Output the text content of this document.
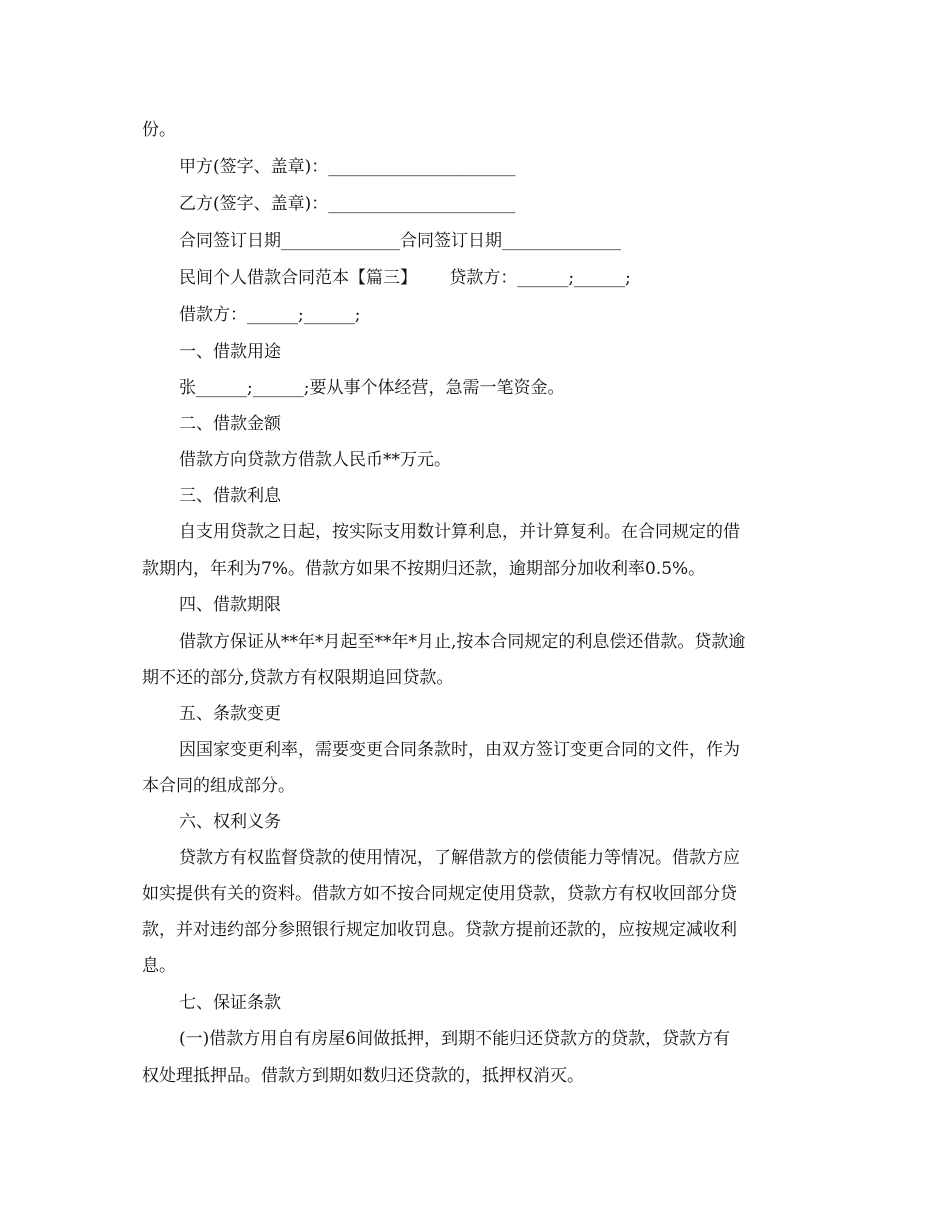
份。
甲方(签字、盖章)：______________________
乙方(签字、盖章)：______________________
合同签订日期______________合同签订日期______________
民间个人借款合同范本【篇三】      贷款方：______;______;
借款方：______;______;
一、借款用途
张______;______;要从事个体经营，急需一笔资金。
二、借款金额
借款方向贷款方借款人民币**万元。
三、借款利息
自支用贷款之日起，按实际支用数计算利息，并计算复利。在合同规定的借
款期内，年利为7%。借款方如果不按期归还款，逾期部分加收利率0.5%。
四、借款期限
借款方保证从**年*月起至**年*月止,按本合同规定的利息偿还借款。贷款逾
期不还的部分,贷款方有权限期追回贷款。
五、条款变更
因国家变更利率，需要变更合同条款时，由双方签订变更合同的文件，作为
本合同的组成部分。
六、权利义务
贷款方有权监督贷款的使用情况，了解借款方的偿债能力等情况。借款方应
如实提供有关的资料。借款方如不按合同规定使用贷款，贷款方有权收回部分贷
款，并对违约部分参照银行规定加收罚息。贷款方提前还款的，应按规定减收利
息。
七、保证条款
(一)借款方用自有房屋6间做抵押，到期不能归还贷款方的贷款，贷款方有
权处理抵押品。借款方到期如数归还贷款的，抵押权消灭。
